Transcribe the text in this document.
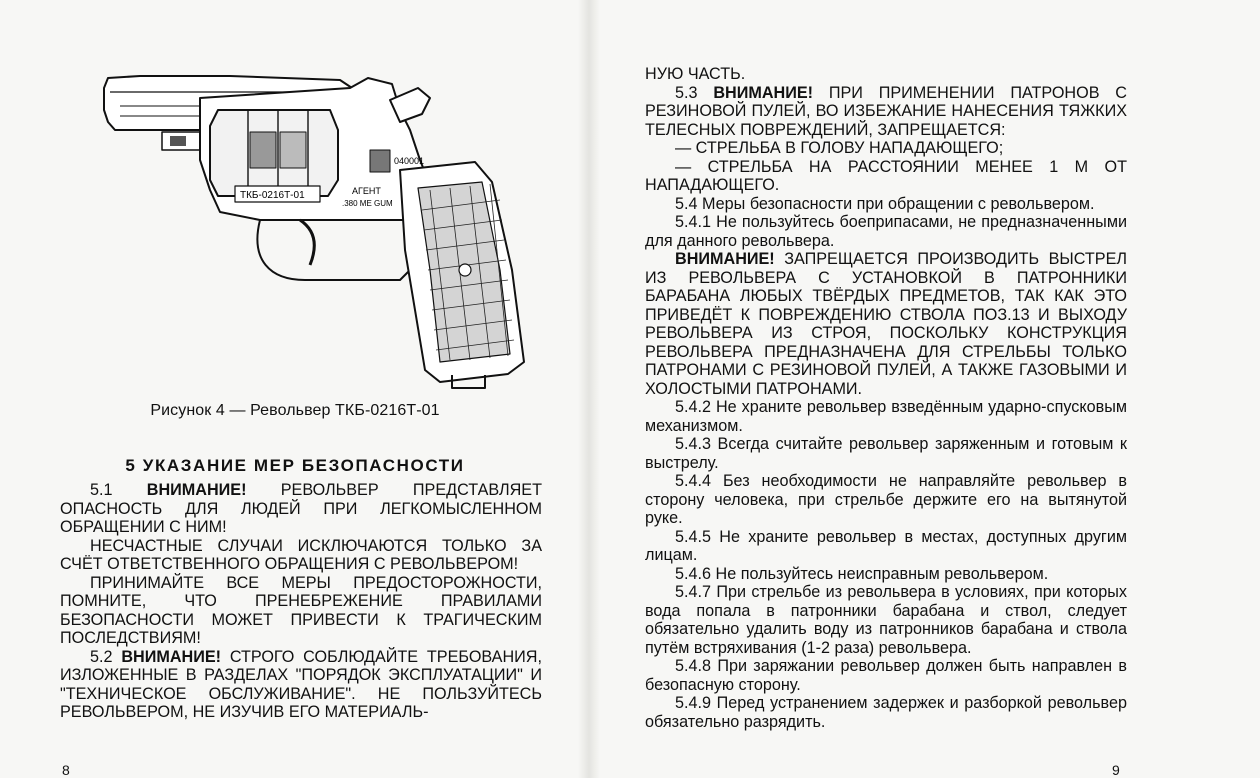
040001
ТКБ-0216Т-01	АГЕНТ
.380 ME GUM
Рисунок 4 — Револьвер ТКБ-0216Т-01
5 УКАЗАНИЕ МЕР БЕЗОПАСНОСТИ

5.1 ВНИМАНИЕ! РЕВОЛЬВЕР ПРЕДСТАВЛЯЕТ ОПАСНОСТЬ ДЛЯ ЛЮДЕЙ ПРИ ЛЕГКОМЫСЛЕННОМ ОБРАЩЕНИИ С НИМ!

НЕСЧАСТНЫЕ СЛУЧАИ ИСКЛЮЧАЮТСЯ ТОЛЬКО ЗА СЧЁТ ОТВЕТСТВЕННОГО ОБРАЩЕНИЯ С РЕВОЛЬВЕРОМ!

ПРИНИМАЙТЕ ВСЕ МЕРЫ ПРЕДОСТОРОЖНОСТИ, ПОМНИТЕ, ЧТО ПРЕНЕБРЕЖЕНИЕ ПРАВИЛАМИ БЕЗОПАСНОСТИ МОЖЕТ ПРИВЕСТИ К ТРАГИЧЕСКИМ ПОСЛЕДСТВИЯМ!

5.2 ВНИМАНИЕ! СТРОГО СОБЛЮДАЙТЕ ТРЕБОВАНИЯ, ИЗЛОЖЕННЫЕ В РАЗДЕЛАХ "ПОРЯДОК ЭКСПЛУАТАЦИИ" И "ТЕХНИЧЕСКОЕ ОБСЛУЖИВАНИЕ". НЕ ПОЛЬЗУЙТЕСЬ РЕВОЛЬВЕРОМ, НЕ ИЗУЧИВ ЕГО МАТЕРИАЛЬ-

НУЮ ЧАСТЬ.

5.3 ВНИМАНИЕ! ПРИ ПРИМЕНЕНИИ ПАТРОНОВ С РЕЗИНОВОЙ ПУЛЕЙ, ВО ИЗБЕЖАНИЕ НАНЕСЕНИЯ ТЯЖКИХ ТЕЛЕСНЫХ ПОВРЕЖДЕНИЙ, ЗАПРЕЩАЕТСЯ:

— СТРЕЛЬБА В ГОЛОВУ НАПАДАЮЩЕГО;

— СТРЕЛЬБА НА РАССТОЯНИИ МЕНЕЕ 1 М ОТ НАПАДАЮЩЕГО.

5.4 Меры безопасности при обращении с револьвером.

5.4.1 Не пользуйтесь боеприпасами, не предназначенными для данного револьвера.

ВНИМАНИЕ! ЗАПРЕЩАЕТСЯ ПРОИЗВОДИТЬ ВЫСТРЕЛ ИЗ РЕВОЛЬВЕРА С УСТАНОВКОЙ В ПАТРОННИКИ БАРАБАНА ЛЮБЫХ ТВЁРДЫХ ПРЕДМЕТОВ, ТАК КАК ЭТО ПРИВЕДЁТ К ПОВРЕЖДЕНИЮ СТВОЛА ПОЗ.13 И ВЫХОДУ РЕВОЛЬВЕРА ИЗ СТРОЯ, ПОСКОЛЬКУ КОНСТРУКЦИЯ РЕВОЛЬВЕРА ПРЕДНАЗНАЧЕНА ДЛЯ СТРЕЛЬБЫ ТОЛЬКО ПАТРОНАМИ С РЕЗИНОВОЙ ПУЛЕЙ, А ТАКЖЕ ГАЗОВЫМИ И ХОЛОСТЫМИ ПАТРОНАМИ.

5.4.2 Не храните револьвер взведённым ударно-спусковым механизмом.

5.4.3 Всегда считайте револьвер заряженным и готовым к выстрелу.

5.4.4 Без необходимости не направляйте револьвер в сторону человека, при стрельбе держите его на вытянутой руке.

5.4.5 Не храните револьвер в местах, доступных другим лицам.

5.4.6 Не пользуйтесь неисправным револьвером.

5.4.7 При стрельбе из револьвера в условиях, при которых вода попала в патронники барабана и ствол, следует обязательно удалить воду из патронников барабана и ствола путём встряхивания (1-2 раза) револьвера.

5.4.8 При заряжании револьвер должен быть направлен в безопасную сторону.

5.4.9 Перед устранением задержек и разборкой револьвер обязательно разрядить.

8	9
